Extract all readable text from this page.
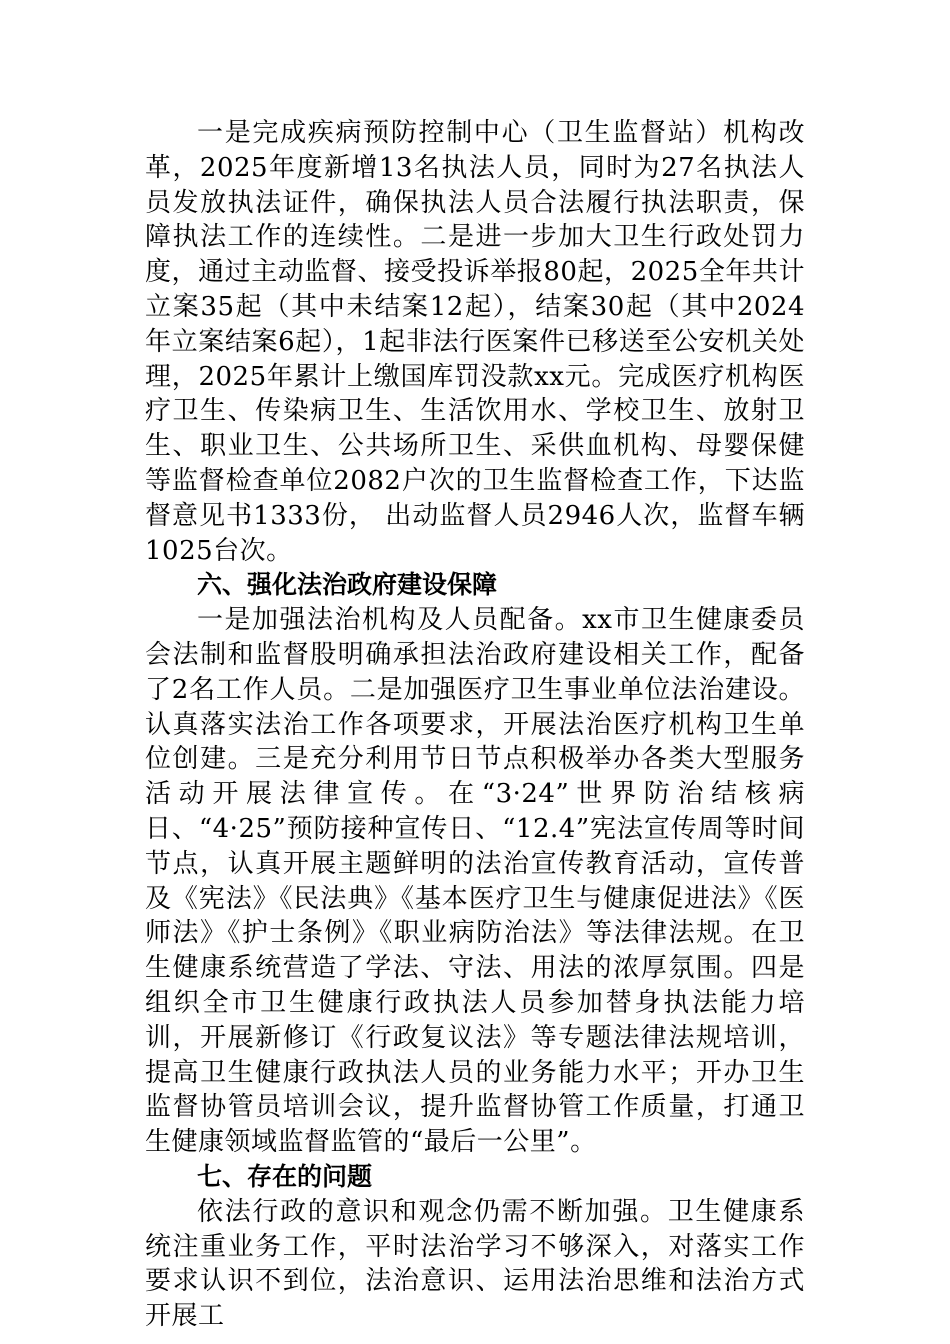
一是完成疾病预防控制中心（卫生监督站）机构改革，2025年度新增13名执法人员，同时为27名执法人员发放执法证件，确保执法人员合法履行执法职责，保障执法工作的连续性。二是进一步加大卫生行政处罚力度，通过主动监督、接受投诉举报80起，2025全年共计立案35起（其中未结案12起），结案30起（其中2024年立案结案6起），1起非法行医案件已移送至公安机关处理，2025年累计上缴国库罚没款xx元。完成医疗机构医疗卫生、传染病卫生、生活饮用水、学校卫生、放射卫生、职业卫生、公共场所卫生、采供血机构、母婴保健等监督检查单位2082户次的卫生监督检查工作，下达监督意见书1333份， 出动监督人员2946人次，监督车辆1025台次。

六、强化法治政府建设保障

一是加强法治机构及人员配备。xx市卫生健康委员会法制和监督股明确承担法治政府建设相关工作，配备了2名工作人员。二是加强医疗卫生事业单位法治建设。认真落实法治工作各项要求，开展法治医疗机构卫生单位创建。三是充分利用节日节点积极举办各类大型服务活动开展法律宣传。在“3·24”世界防治结核病日、“4·25”预防接种宣传日、“12.4”宪法宣传周等时间节点，认真开展主题鲜明的法治宣传教育活动，宣传普及《宪法》《民法典》《基本医疗卫生与健康促进法》《医师法》《护士条例》《职业病防治法》等法律法规。在卫生健康系统营造了学法、守法、用法的浓厚氛围。四是组织全市卫生健康行政执法人员参加替身执法能力培训，开展新修订《行政复议法》等专题法律法规培训，提高卫生健康行政执法人员的业务能力水平；开办卫生监督协管员培训会议，提升监督协管工作质量，打通卫生健康领域监督监管的“最后一公里”。

七、存在的问题

依法行政的意识和观念仍需不断加强。卫生健康系统注重业务工作，平时法治学习不够深入，对落实工作要求认识不到位，法治意识、运用法治思维和法治方式开展工
